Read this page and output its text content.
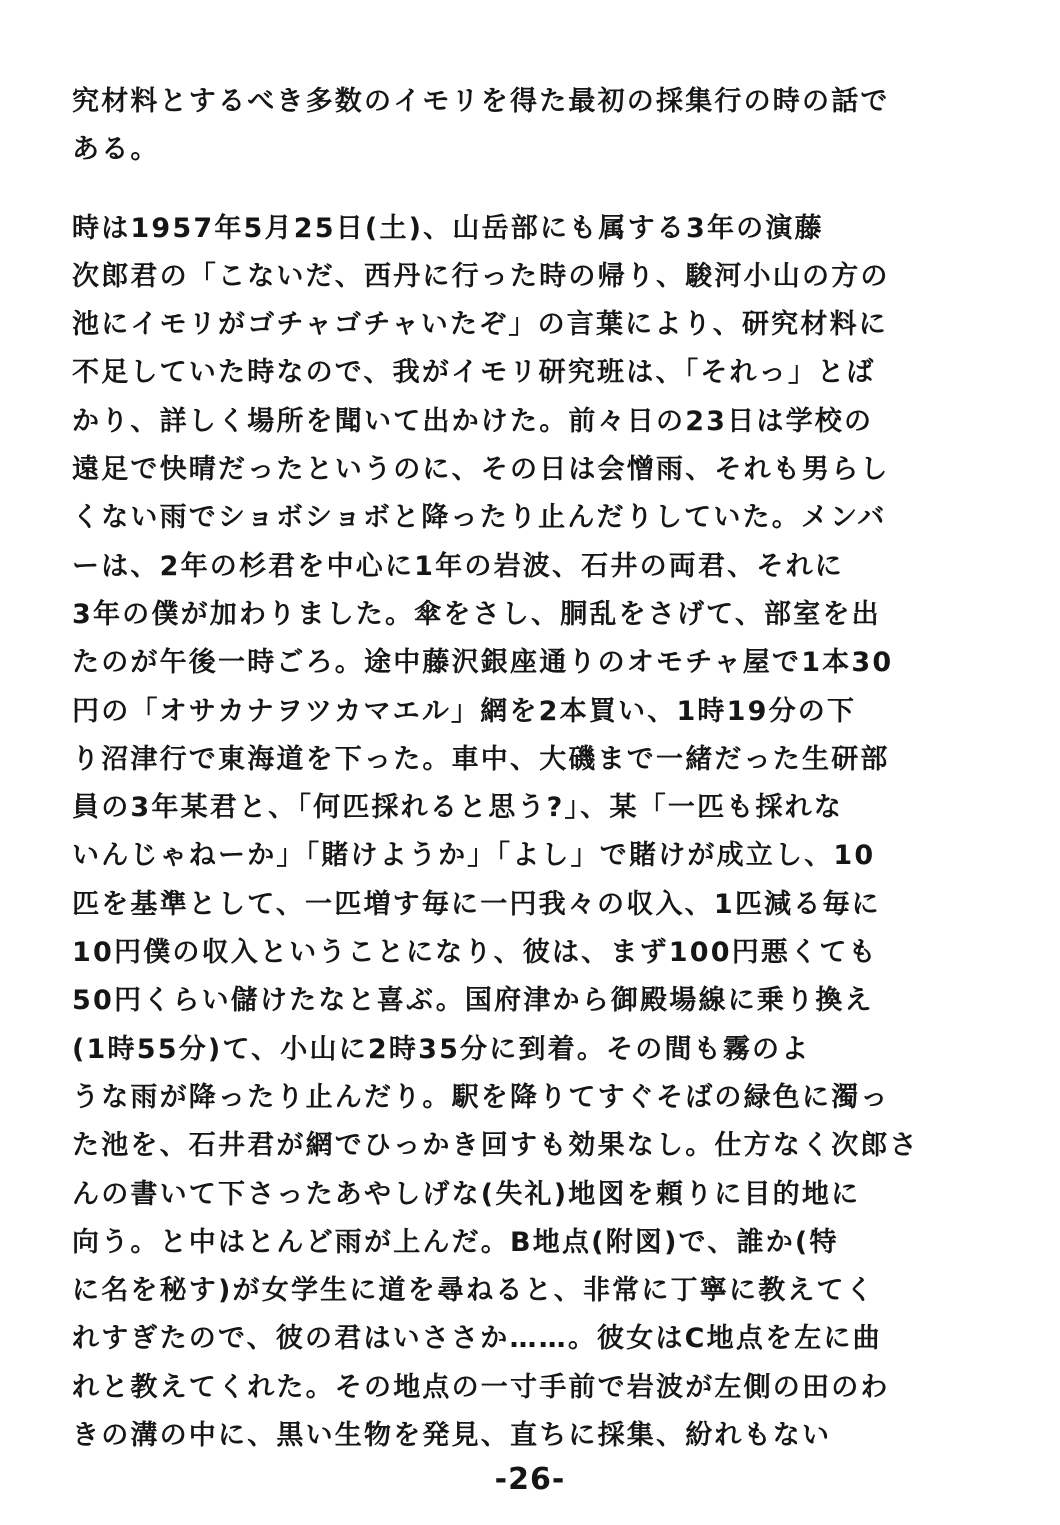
究材料とするべき多数のイモリを得た最初の採集行の時の話で
ある。
時は1957年5月25日(土)、山岳部にも属する3年の演藤
次郎君の「こないだ、西丹に行った時の帰り、駿河小山の方の
池にイモリがゴチャゴチャいたぞ」の言葉により、研究材料に
不足していた時なので、我がイモリ研究班は、「それっ」とば
かり、詳しく場所を聞いて出かけた。前々日の23日は学校の
遠足で快晴だったというのに、その日は会憎雨、それも男らし
くない雨でショボショボと降ったり止んだりしていた。メンバ
ーは、2年の杉君を中心に1年の岩波、石井の両君、それに
3年の僕が加わりました。傘をさし、胴乱をさげて、部室を出
たのが午後一時ごろ。途中藤沢銀座通りのオモチャ屋で1本30
円の「オサカナヲツカマエル」網を2本買い、1時19分の下
り沼津行で東海道を下った。車中、大磯まで一緒だった生研部
員の3年某君と、「何匹採れると思う?」、某「一匹も採れな
いんじゃねーか」「賭けようか」「よし」で賭けが成立し、10
匹を基準として、一匹増す毎に一円我々の収入、1匹減る毎に
10円僕の収入ということになり、彼は、まず100円悪くても
50円くらい儲けたなと喜ぶ。国府津から御殿場線に乗り換え
(1時55分)て、小山に2時35分に到着。その間も霧のよ
うな雨が降ったり止んだり。駅を降りてすぐそばの緑色に濁っ
た池を、石井君が網でひっかき回すも効果なし。仕方なく次郎さ
んの書いて下さったあやしげな(失礼)地図を頼りに目的地に
向う。と中はとんど雨が上んだ。B地点(附図)で、誰か(特
に名を秘す)が女学生に道を尋ねると、非常に丁寧に教えてく
れすぎたので、彼の君はいささか……。彼女はC地点を左に曲
れと教えてくれた。その地点の一寸手前で岩波が左側の田のわ
きの溝の中に、黒い生物を発見、直ちに採集、紛れもない
-26-
